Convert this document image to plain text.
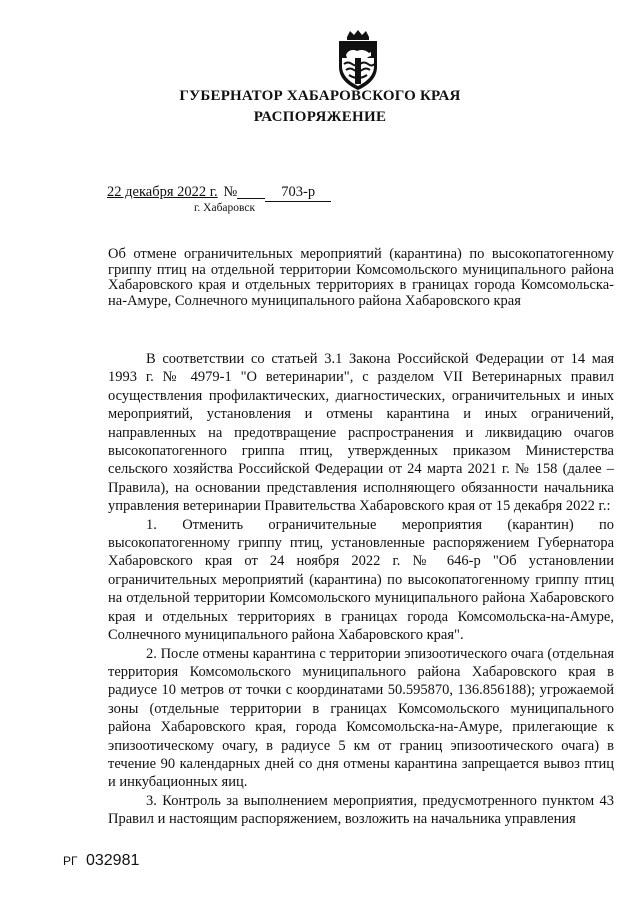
ГУБЕРНАТОР ХАБАРОВСКОГО КРАЯ
РАСПОРЯЖЕНИЕ
22 декабря 2022 г. №	703-р
г. Хабаровск
Об отмене ограничительных мероприятий (карантина) по высокопатогенному гриппу птиц на отдельной территории Комсомольского муниципального района Хабаровского края и отдельных территориях в границах города Комсомольска-на-Амуре, Солнечного муниципального района Хабаровского края

В соответствии со статьей 3.1 Закона Российской Федерации от 14 мая 1993 г. № 4979-1 "О ветеринарии", с разделом VII Ветеринарных правил осуществления профилактических, диагностических, ограничительных и иных мероприятий, установления и отмены карантина и иных ограничений, направленных на предотвращение распространения и ликвидацию очагов высокопатогенного гриппа птиц, утвержденных приказом Министерства сельского хозяйства Российской Федерации от 24 марта 2021 г. № 158 (далее – Правила), на основании представления исполняющего обязанности начальника управления ветеринарии Правительства Хабаровского края от 15 декабря 2022 г.:

1. Отменить ограничительные мероприятия (карантин) по высокопатогенному гриппу птиц, установленные распоряжением Губернатора Хабаровского края от 24 ноября 2022 г. № 646-р "Об установлении ограничительных мероприятий (карантина) по высокопатогенному гриппу птиц на отдельной территории Комсомольского муниципального района Хабаровского края и отдельных территориях в границах города Комсомольска-на-Амуре, Солнечного муниципального района Хабаровского края".

2. После отмены карантина с территории эпизоотического очага (отдельная территория Комсомольского муниципального района Хабаровского края в радиусе 10 метров от точки с координатами 50.595870, 136.856188); угрожаемой зоны (отдельные территории в границах Комсомольского муниципального района Хабаровского края, города Комсомольска-на-Амуре, прилегающие к эпизоотическому очагу, в радиусе 5 км от границ эпизоотического очага) в течение 90 календарных дней со дня отмены карантина запрещается вывоз птиц и инкубационных яиц.

3. Контроль за выполнением мероприятия, предусмотренного пунктом 43 Правил и настоящим распоряжением, возложить на начальника управления

РГ 032981
